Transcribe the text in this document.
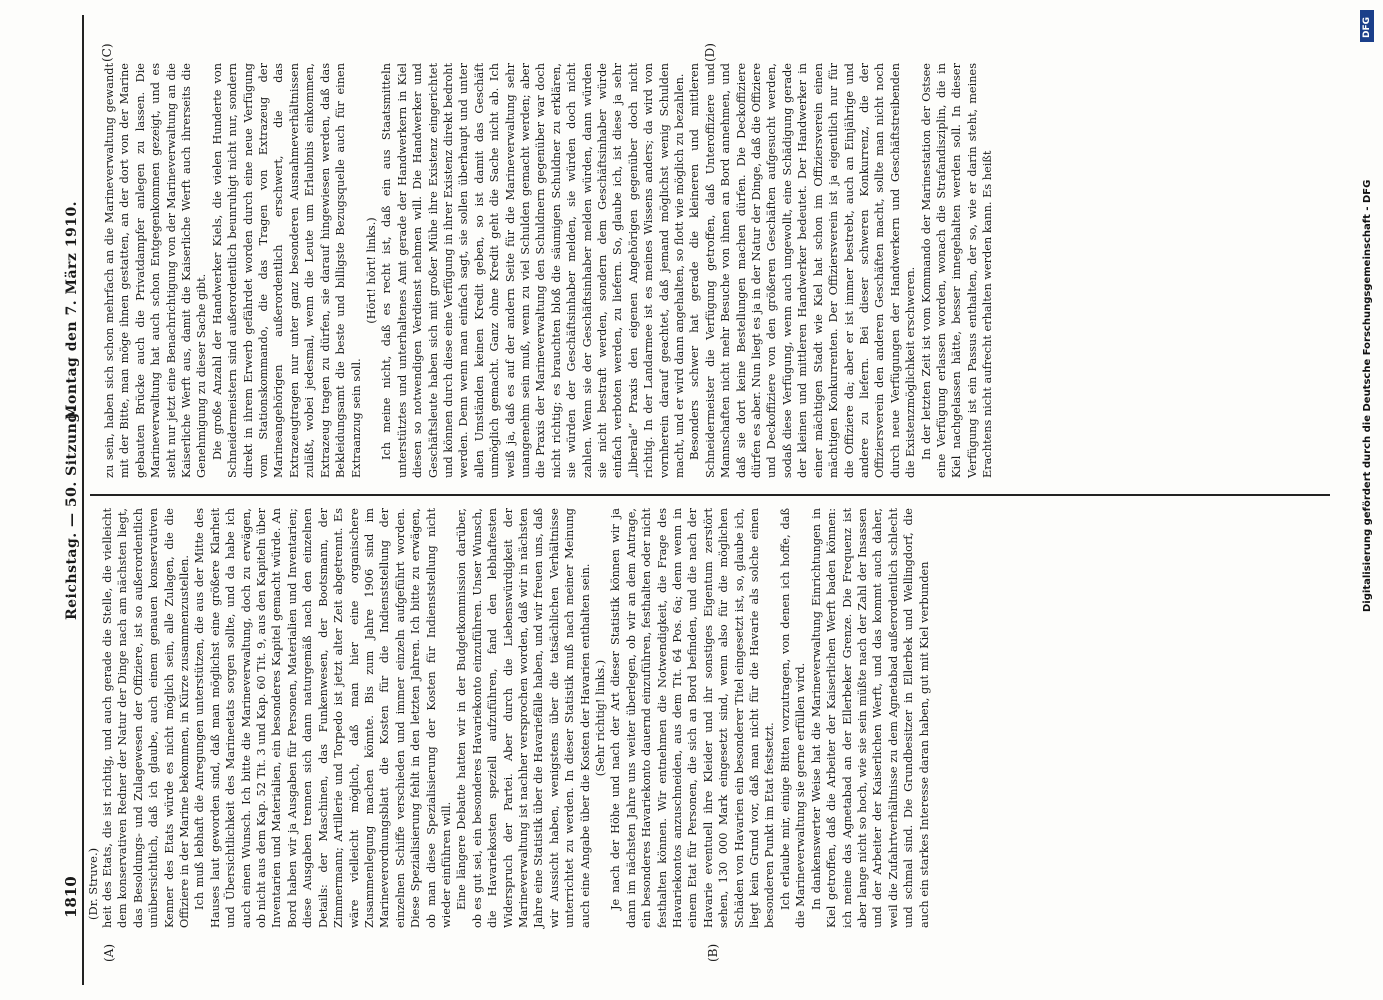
1810
Reichstag. — 50. Sitzung.
Montag den 7. März 1910.
(A)	(B)
(C)	(D)
(Dr. Struve.) heit des Etats, die ist richtig, und auch gerade die Stelle, die vielleicht dem konservativen Redner der Natur der Dinge nach am nächsten liegt, das Besoldungs- und Zulagewesen der Offiziere, ist so außerordentlich unübersichtlich, daß ich glaube, auch einem genauen konservativen Kenner des Etats würde es nicht möglich sein, alle Zulagen, die die Offiziere in der Marine bekommen, in Kürze zusammenzustellen. Ich muß lebhaft die Anregungen unterstützen, die aus der Mitte des Hauses laut geworden sind, daß man möglichst eine größere Klarheit und Übersichtlichkeit des Marineetats sorgen sollte, und da habe ich auch einen Wunsch. Ich bitte die Marineverwaltung, doch zu erwägen, ob nicht aus dem Kap. 52 Tit. 3 und Kap. 60 Tit. 9, aus den Kapiteln über Inventarien und Materialien, ein besonderes Kapitel gemacht würde. An Bord haben wir ja Ausgaben für Personen, Materialien und Inventarien; diese Ausgaben trennen sich dann naturgemäß nach den einzelnen Details: der Maschinen, das Funkenwesen, der Bootsmann, der Zimmermann; Artillerie und Torpedo ist jetzt alter Zeit abgetrennt. Es wäre vielleicht möglich, daß man hier eine organischere Zusammenlegung machen könnte. Bis zum Jahre 1906 sind im Marineverordnungsblatt die Kosten für die Indienststellung der einzelnen Schiffe verschieden und immer einzeln aufgeführt worden. Diese Spezialisierung fehlt in den letzten Jahren. Ich bitte zu erwägen, ob man diese Spezialisierung der Kosten für Indienststellung nicht wieder einführen will. Eine längere Debatte hatten wir in der Budgetkommission darüber, ob es gut sei, ein besonderes Havariekonto einzuführen. Unser Wunsch, die Havariekosten speziell aufzuführen, fand den lebhaftesten Widerspruch der Partei. Aber durch die Liebenswürdigkeit der Marineverwaltung ist nachher versprochen worden, daß wir in nächsten Jahre eine Statistik über die Havariefälle haben, und wir freuen uns, daß wir Aussicht haben, wenigstens über die tatsächlichen Verhältnisse unterrichtet zu werden. In dieser Statistik muß nach meiner Meinung auch eine Angabe über die Kosten der Havarien enthalten sein. (Sehr richtig! links.) Je nach der Höhe und nach der Art dieser Statistik können wir ja dann im nächsten Jahre uns weiter überlegen, ob wir an dem Antrage, ein besonderes Havariekonto dauernd einzuführen, festhalten oder nicht festhalten können. Wir entnehmen die Notwendigkeit, die Frage des Havariekontos anzuschneiden, aus dem Tit. 64 Pos. 6a; denn wenn in einem Etat für Personen, die sich an Bord befinden, und die nach der Havarie eventuell ihre Kleider und ihr sonstiges Eigentum zerstört sehen, 130 000 Mark eingesetzt sind, wenn also für die möglichen Schäden von Havarien ein besonderer Titel eingesetzt ist, so, glaube ich, liegt kein Grund vor, daß man nicht für die Havarie als solche einen besonderen Punkt im Etat festsetzt. Ich erlaube mir, einige Bitten vorzutragen, von denen ich hoffe, daß die Marineverwaltung sie gerne erfüllen wird. In dankenswerter Weise hat die Marineverwaltung Einrichtungen in Kiel getroffen, daß die Arbeiter der Kaiserlichen Werft baden können: ich meine das Agnetabad an der Ellerbeker Grenze. Die Frequenz ist aber lange nicht so hoch, wie sie sein müßte nach der Zahl der Insassen und der Arbeiter der Kaiserlichen Werft, und das kommt auch daher, weil die Zufahrtverhältnisse zu dem Agnetabad außerordentlich schlecht und schmal sind. Die Grundbesitzer in Ellerbek und Wellingdorf, die auch ein starkes Interesse daran haben, gut mit Kiel verbunden

zu sein, haben sich schon mehrfach an die Marineverwaltung gewandt mit der Bitte, man möge ihnen gestatten, an der dort von der Marine gebauten Brücke auch die Privatdampfer anlegen zu lassen. Die Marineverwaltung hat auch schon Entgegenkommen gezeigt, und es steht nur jetzt eine Benachrichtigung von der Marineverwaltung an die Kaiserliche Werft aus, damit die Kaiserliche Werft auch ihrerseits die Genehmigung zu dieser Sache gibt. Die große Anzahl der Handwerker Kiels, die vielen Hunderte von Schneidermeistern sind außerordentlich beunruhigt nicht nur, sondern direkt in ihrem Erwerb gefährdet worden durch eine neue Verfügung vom Stationskommando, die das Tragen von Extrazeug der Marineangehörigen außerordentlich erschwert, die das Extrazeugtragen nur unter ganz besonderen Ausnahmeverhältnissen zuläßt, wobei jedesmal, wenn die Leute um Erlaubnis einkommen, Extrazeug tragen zu dürfen, sie darauf hingewiesen werden, daß das Bekleidungsamt die beste und billigste Bezugsquelle auch für einen Extraanzug sein soll.

(Hört! hört! links.) Ich meine nicht, daß es recht ist, daß ein aus Staatsmitteln unterstütztes und unterhaltenes Amt gerade der Handwerkern in Kiel diesen so notwendigen Verdienst nehmen will. Die Handwerker und Geschäftsleute haben sich mit großer Mühe ihre Existenz eingerichtet und können durch diese eine Verfügung in ihrer Existenz direkt bedroht werden. Denn wenn man einfach sagt, sie sollen überhaupt und unter allen Umständen keinen Kredit geben, so ist damit das Geschäft unmöglich gemacht. Ganz ohne Kredit geht die Sache nicht ab. Ich weiß ja, daß es auf der andern Seite für die Marineverwaltung sehr unangenehm sein muß, wenn zu viel Schulden gemacht werden; aber die Praxis der Marineverwaltung den Schuldnern gegenüber war doch nicht richtig; es brauchten bloß die säumigen Schuldner zu erklären, sie würden der Geschäftsinhaber melden, sie würden doch nicht zahlen. Wenn sie der Geschäftsinhaber melden würden, dann würden sie nicht bestraft werden, sondern dem Geschäftsinhaber würde einfach verboten werden, zu liefern. So, glaube ich, ist diese ja sehr „liberale“ Praxis den eigenen Angehörigen gegenüber doch nicht richtig. In der Landarmee ist es meines Wissens anders; da wird von vornherein darauf geachtet, daß jemand möglichst wenig Schulden macht, und er wird dann angehalten, so flott wie möglich zu bezahlen. Besonders schwer hat gerade die kleineren und mittleren Schneidermeister die Verfügung getroffen, daß Unteroffiziere und Mannschaften nicht mehr Besuche von ihnen an Bord annehmen, und daß sie dort keine Bestellungen machen dürfen. Die Deckoffiziere dürfen es aber. Nun liegt es ja in der Natur der Dinge, daß die Offiziere und Deckoffiziere von den größeren Geschäften aufgesucht werden, sodaß diese Verfügung, wenn auch ungewollt, eine Schädigung gerade der kleinen und mittleren Handwerker bedeutet. Der Handwerker in einer mächtigen Stadt wie Kiel hat schon im Offiziersverein einen mächtigen Konkurrenten. Der Offiziersverein ist ja eigentlich nur für die Offiziere da; aber er ist immer bestrebt, auch an Einjährige und andere zu liefern. Bei dieser schweren Konkurrenz, die der Offiziersverein den anderen Geschäften macht, sollte man nicht noch durch neue Verfügungen der Handwerkern und Geschäftstreibenden die Existenzmöglichkeit erschweren. In der letzten Zeit ist vom Kommando der Marinestation der Ostsee eine Verfügung erlassen worden, wonach die Strafandisziplin, die in Kiel nachgelassen hätte, besser innegehalten werden soll. In dieser Verfügung ist ein Passus enthalten, der so, wie er darin steht, meines Erachtens nicht aufrecht erhalten werden kann. Es heißt

DFG
Digitalisierung gefördert durch die Deutsche Forschungsgemeinschaft - DFG
